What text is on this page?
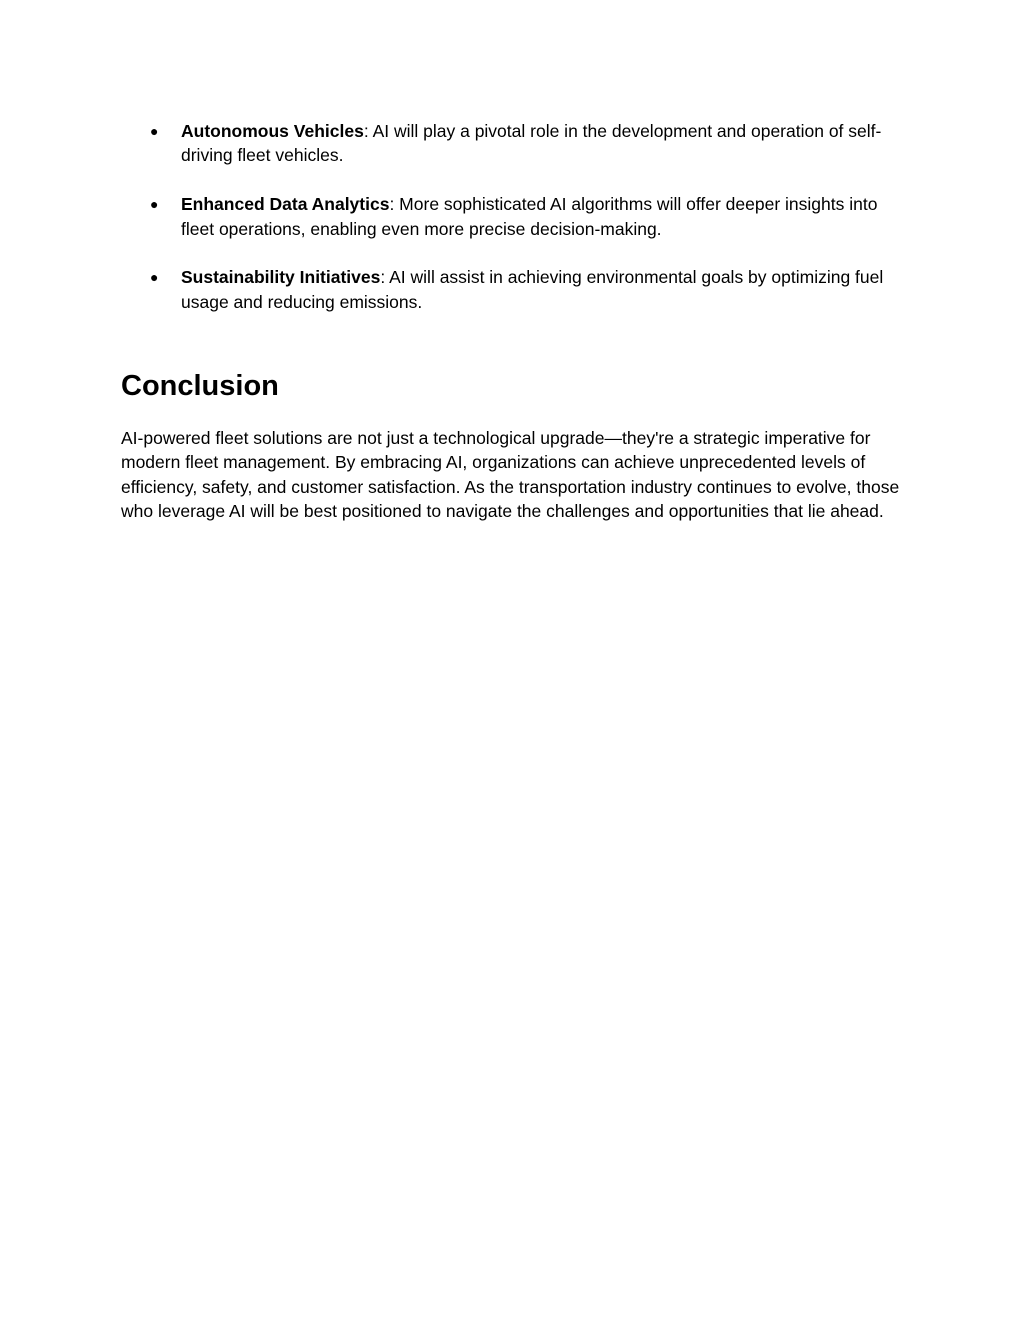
● Autonomous Vehicles: AI will play a pivotal role in the development and operation of self-driving fleet vehicles.
● Enhanced Data Analytics: More sophisticated AI algorithms will offer deeper insights into fleet operations, enabling even more precise decision-making.
● Sustainability Initiatives: AI will assist in achieving environmental goals by optimizing fuel usage and reducing emissions.
Conclusion

AI-powered fleet solutions are not just a technological upgrade—they're a strategic imperative for modern fleet management. By embracing AI, organizations can achieve unprecedented levels of efficiency, safety, and customer satisfaction. As the transportation industry continues to evolve, those who leverage AI will be best positioned to navigate the challenges and opportunities that lie ahead.
